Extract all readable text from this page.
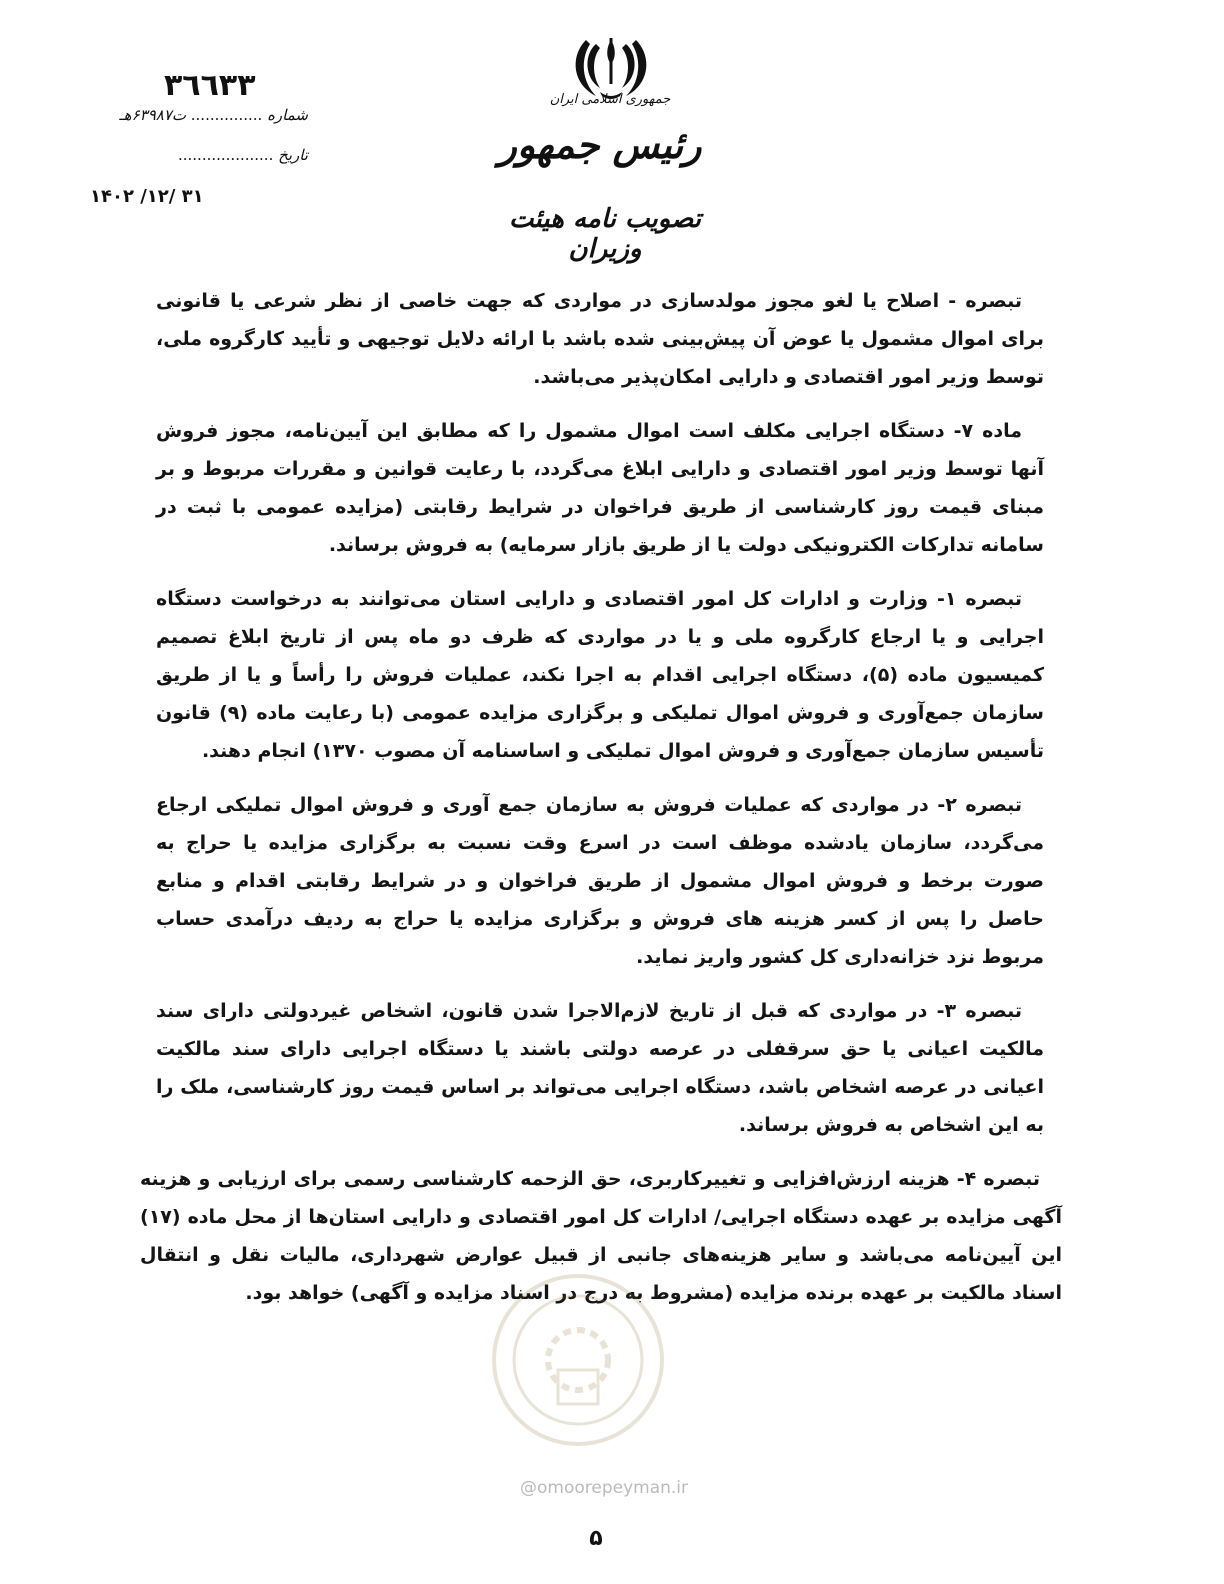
جمهوری اسلامی ایران
رئیس جمهور
تصویب نامه هیئت وزیران
٣٦٦٣٣
شماره ............... ت۶۳۹۸۷هـ
تاریخ ....................
۱۴۰۲ /۱۲/ ۳۱

تبصره - اصلاح یا لغو مجوز مولدسازی در مواردی که جهت خاصی از نظر شرعی یا قانونی برای اموال مشمول یا عوض آن پیش‌بینی شده باشد با ارائه دلایل توجیهی و تأیید کارگروه ملی، توسط وزیر امور اقتصادی و دارایی امکان‌پذیر می‌باشد.

ماده ۷- دستگاه اجرایی مکلف است اموال مشمول را که مطابق این آیین‌نامه، مجوز فروش آنها توسط وزیر امور اقتصادی و دارایی ابلاغ می‌گردد، با رعایت قوانین و مقررات مربوط و بر مبنای قیمت روز کارشناسی از طریق فراخوان در شرایط رقابتی (مزایده عمومی با ثبت در سامانه تدارکات الکترونیکی دولت یا از طریق بازار سرمایه) به فروش برساند.

تبصره ۱- وزارت و ادارات کل امور اقتصادی و دارایی استان می‌توانند به درخواست دستگاه اجرایی و یا ارجاع کارگروه ملی و یا در مواردی که ظرف دو ماه پس از تاریخ ابلاغ تصمیم کمیسیون ماده (۵)، دستگاه اجرایی اقدام به اجرا نکند، عملیات فروش را رأساً و یا از طریق سازمان جمع‌آوری و فروش اموال تملیکی و برگزاری مزایده عمومی (با رعایت ماده (۹) قانون تأسیس سازمان جمع‌آوری و فروش اموال تملیکی و اساسنامه آن مصوب ۱۳۷۰) انجام دهند.

تبصره ۲- در مواردی که عملیات فروش به سازمان جمع آوری و فروش اموال تملیکی ارجاع می‌گردد، سازمان یادشده موظف است در اسرع وقت نسبت به برگزاری مزایده یا حراج به صورت برخط و فروش اموال مشمول از طریق فراخوان و در شرایط رقابتی اقدام و منابع حاصل را پس از کسر هزینه های فروش و برگزاری مزایده یا حراج به ردیف درآمدی حساب مربوط نزد خزانه‌داری کل کشور واریز نماید.

تبصره ۳- در مواردی که قبل از تاریخ لازم‌الاجرا شدن قانون، اشخاص غیردولتی دارای سند مالکیت اعیانی یا حق سرقفلی در عرصه دولتی باشند یا دستگاه اجرایی دارای سند مالکیت اعیانی در عرصه اشخاص باشد، دستگاه اجرایی می‌تواند بر اساس قیمت روز کارشناسی، ملک را به این اشخاص به فروش برساند.

تبصره ۴- هزینه ارزش‌افزایی و تغییرکاربری، حق الزحمه کارشناسی رسمی برای ارزیابی و هزینه آگهی مزایده بر عهده دستگاه اجرایی/ ادارات کل امور اقتصادی و دارایی استان‌ها از محل ماده (۱۷) این آیین‌نامه می‌باشد و سایر هزینه‌های جانبی از قبیل عوارض شهرداری، مالیات نقل و انتقال اسناد مالکیت بر عهده برنده مزایده (مشروط به درج در اسناد مزایده و آگهی) خواهد بود.

@omoorepeyman.ir
۵
